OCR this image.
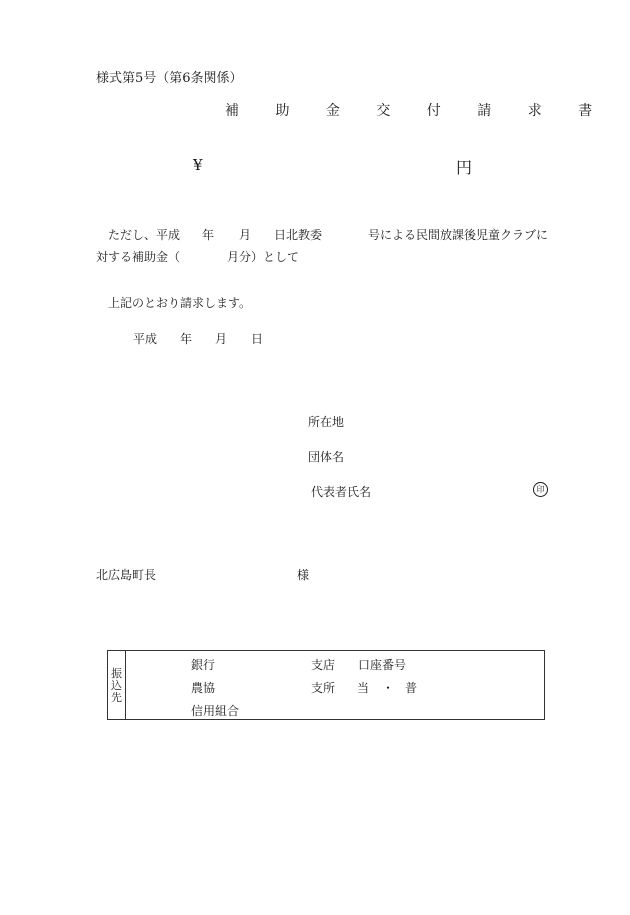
様式第5号（第6条関係）
補 助 金 交 付 請 求 書
¥	円
ただし、平成 年 月 日北教委	号による民間放課後児童クラブに
対する補助金（	月分）として
上記のとおり請求します。
平成 年 月 日
所在地
団体名
代表者氏名	印
北広島町長	様
振
込
先
銀行	支店 口座番号
農協	支所 当 ・ 普
信用組合
